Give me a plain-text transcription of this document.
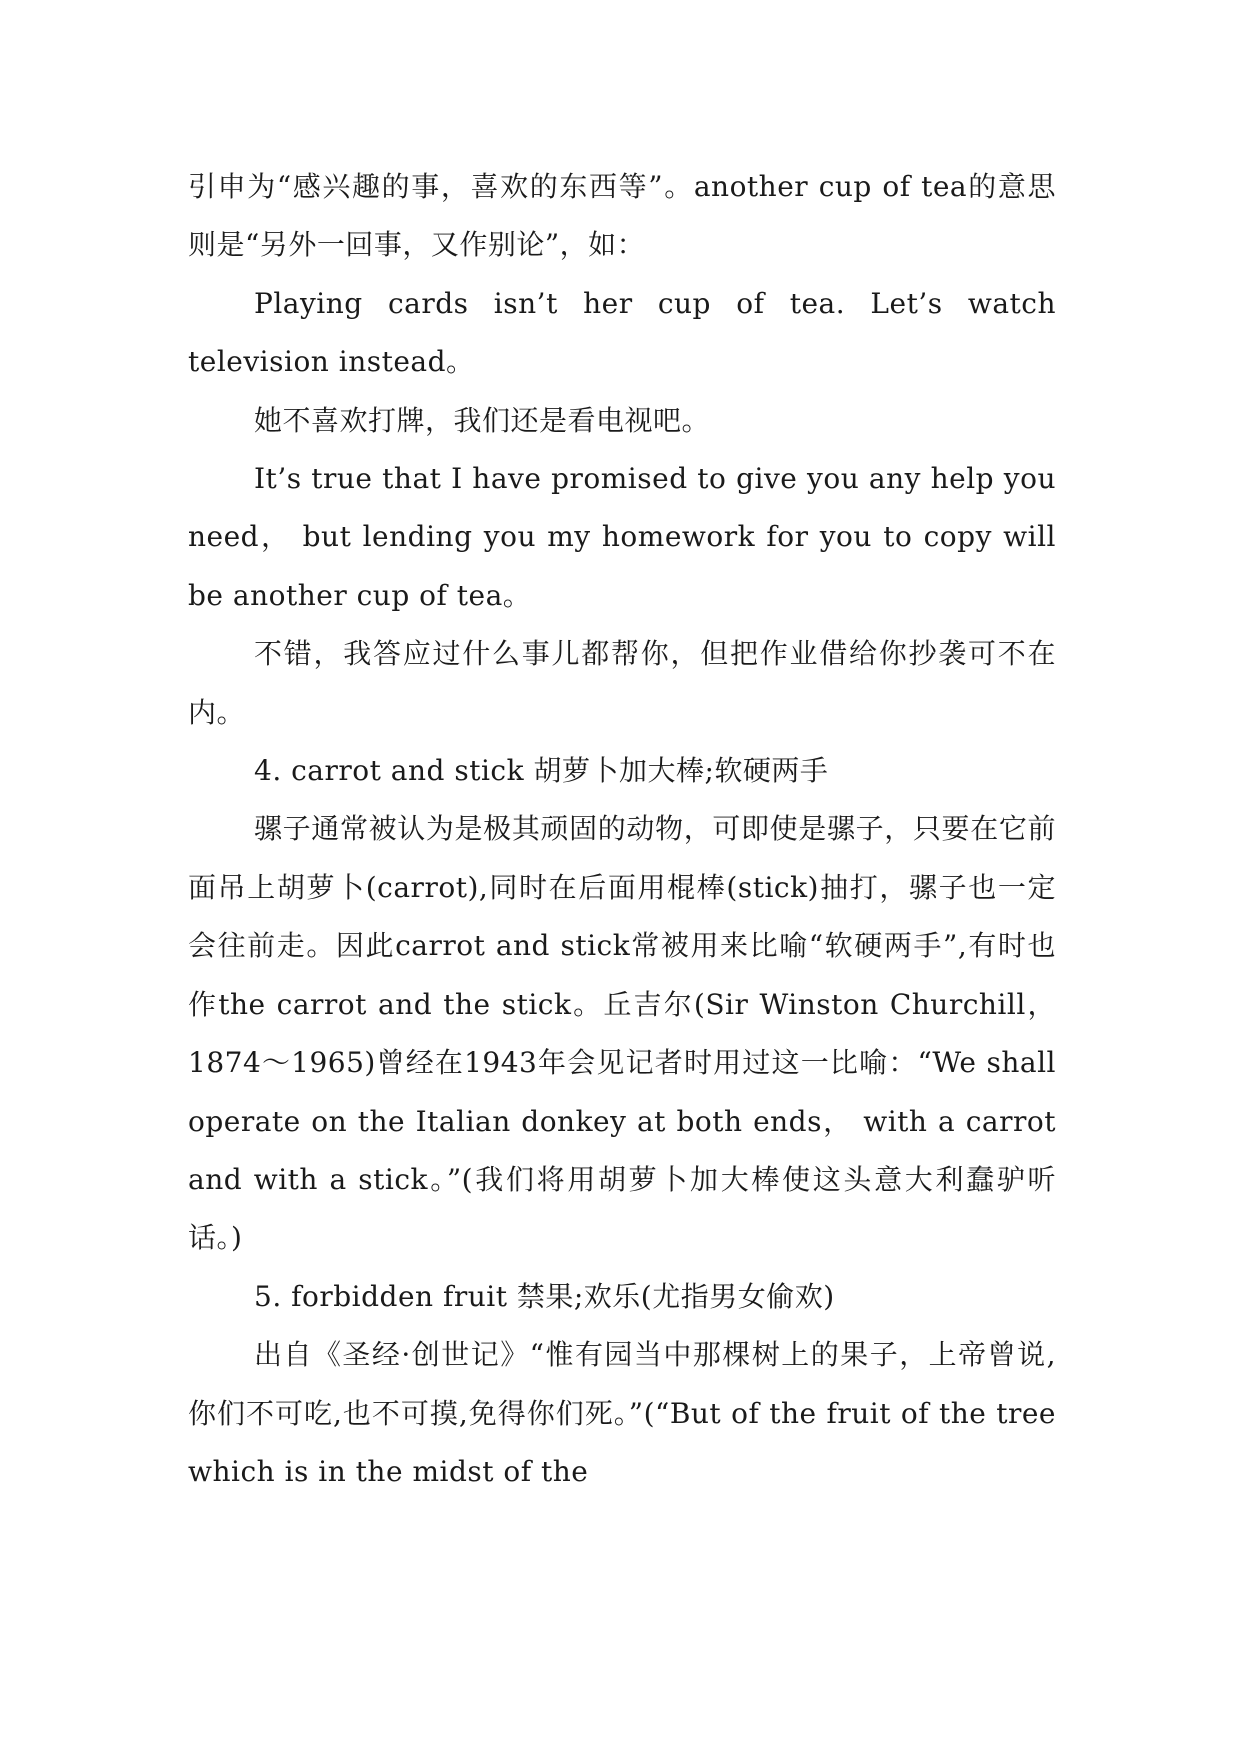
引申为“感兴趣的事，喜欢的东西等”。another cup of tea的意思则是“另外一回事，又作别论”，如：

Playing cards isn’t her cup of tea. Let’s watch television instead。

她不喜欢打牌，我们还是看电视吧。

It’s true that I have promised to give you any help you need， but lending you my homework for you to copy will be another cup of tea。

不错，我答应过什么事儿都帮你，但把作业借给你抄袭可不在内。

4. carrot and stick 胡萝卜加大棒;软硬两手

骡子通常被认为是极其顽固的动物，可即使是骡子，只要在它前面吊上胡萝卜(carrot),同时在后面用棍棒(stick)抽打，骡子也一定会往前走。因此carrot and stick常被用来比喻“软硬两手”,有时也作the carrot and the stick。丘吉尔(Sir Winston Churchill，1874～1965)曾经在1943年会见记者时用过这一比喻：“We shall operate on the Italian donkey at both ends， with a carrot and with a stick。”(我们将用胡萝卜加大棒使这头意大利蠢驴听话。)

5. forbidden fruit 禁果;欢乐(尤指男女偷欢)

出自《圣经·创世记》“惟有园当中那棵树上的果子，上帝曾说,你们不可吃,也不可摸,免得你们死。”(“But of the fruit of the tree which is in the midst of the
